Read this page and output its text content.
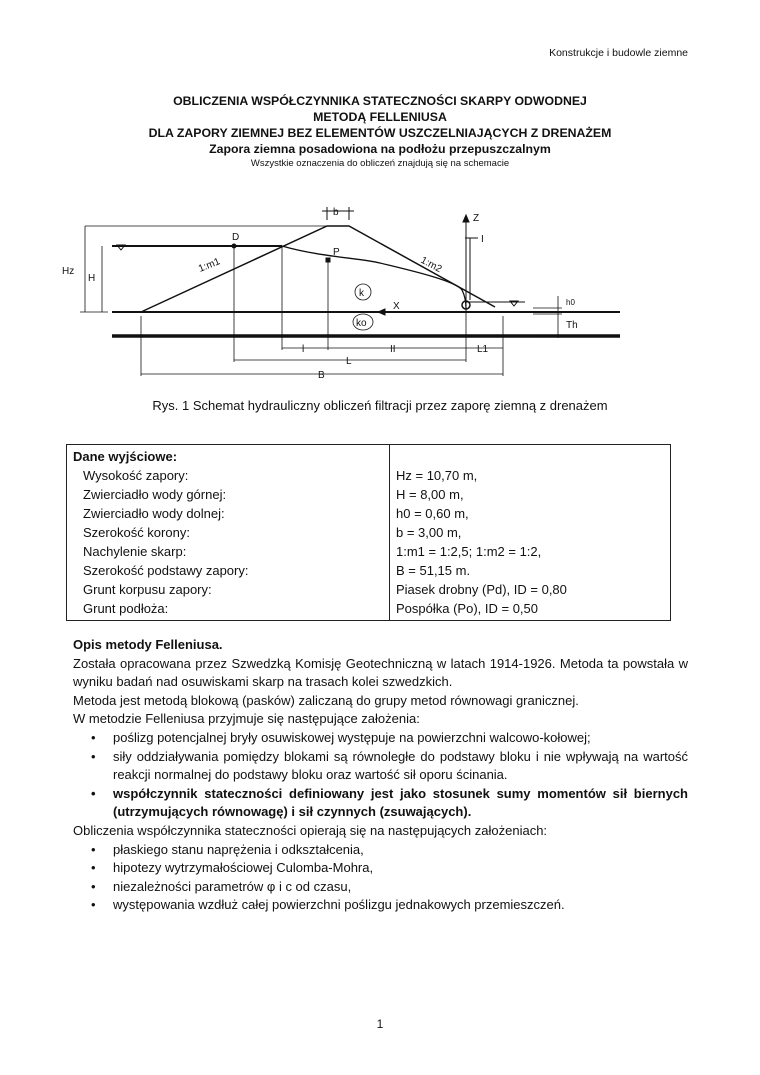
Konstrukcje i budowle ziemne
OBLICZENIA WSPÓŁCZYNNIKA STATECZNOŚCI SKARPY ODWODNEJ
METODĄ FELLENIUSA
DLA ZAPORY ZIEMNEJ BEZ ELEMENTÓW USZCZELNIAJĄCYCH Z DRENAŻEM
Zapora ziemna posadowiona na podłożu przepuszczalnym
Wszystkie oznaczenia do obliczeń znajdują się na schemacie
b
Z
I
D
P
Hz
H
1:m1	1:m2
k
ko
X	h0
Th
l	II	L1
L
B
Rys. 1 Schemat hydrauliczny obliczeń filtracji przez zaporę ziemną z drenażem
Dane wyjściowe:	
Wysokość zapory:	Hz = 10,70 m,
Zwierciadło wody górnej:	H = 8,00 m,
Zwierciadło wody dolnej:	h0 = 0,60 m,
Szerokość korony:	b = 3,00 m,
Nachylenie skarp:	1:m1 = 1:2,5; 1:m2 = 1:2,
Szerokość podstawy zapory:	B = 51,15 m.
Grunt korpusu zapory:	Piasek drobny (Pd), ID = 0,80
Grunt podłoża:	Pospółka (Po), ID = 0,50

Opis metody Felleniusa.

Została opracowana przez Szwedzką Komisję Geotechniczną w latach 1914-1926. Metoda ta powstała w wyniku badań nad osuwiskami skarp na trasach kolei szwedzkich.

Metoda jest metodą blokową (pasków) zaliczaną do grupy metod równowagi granicznej.

W metodzie Felleniusa przyjmuje się następujące założenia:

• poślizg potencjalnej bryły osuwiskowej występuje na powierzchni walcowo-kołowej;
• siły oddziaływania pomiędzy blokami są równoległe do podstawy bloku i nie wpływają na wartość reakcji normalnej do podstawy bloku oraz wartość sił oporu ścinania.
• współczynnik stateczności definiowany jest jako stosunek sumy momentów sił biernych (utrzymujących równowagę) i sił czynnych (zsuwających).

Obliczenia współczynnika stateczności opierają się na następujących założeniach:

• płaskiego stanu naprężenia i odkształcenia,
• hipotezy wytrzymałościowej Culomba-Mohra,
• niezależności parametrów φ i c od czasu,
• występowania wzdłuż całej powierzchni poślizgu jednakowych przemieszczeń.
1
